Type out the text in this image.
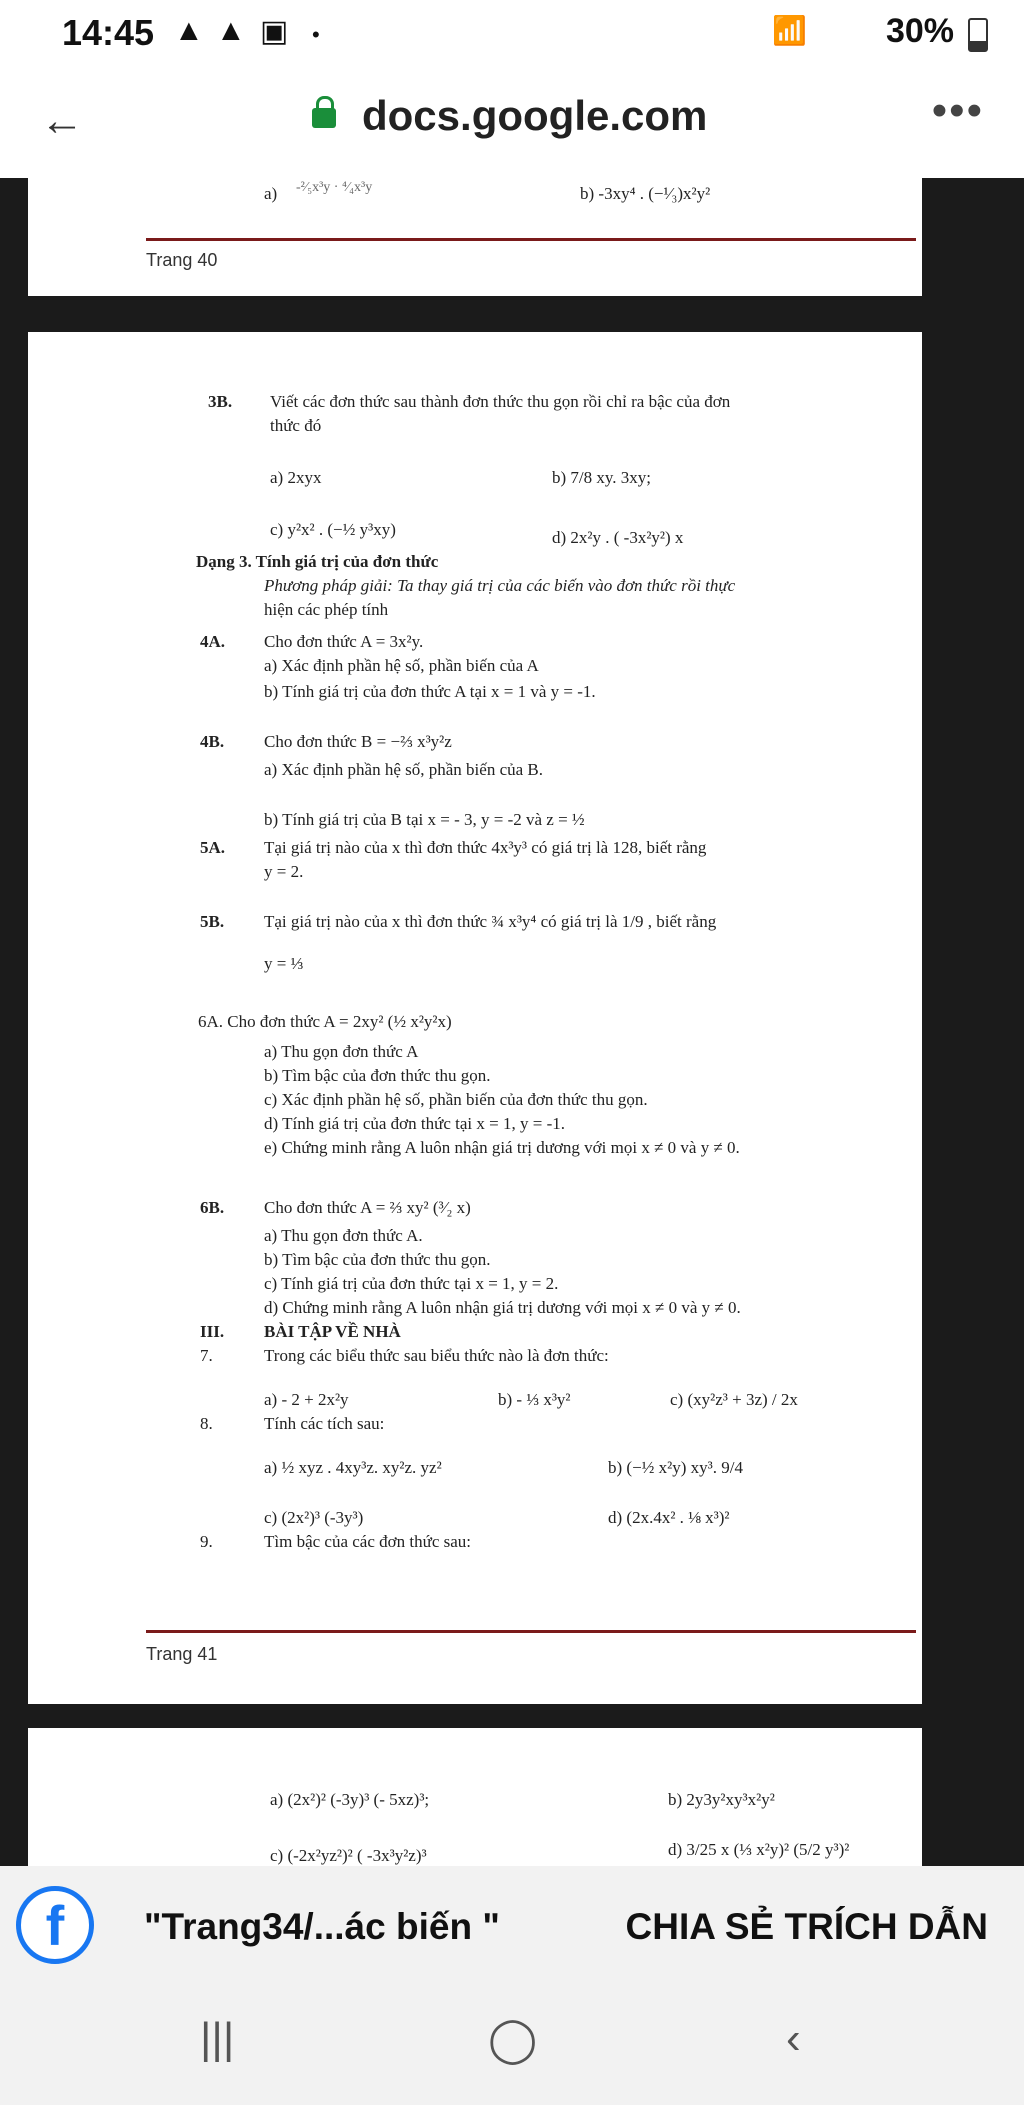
14:45 ▲ ▲ ▣ •	📶 30%
←	docs.google.com	•••
a) -²⁄₅x³y · ⁴⁄₄x³y	b) -3xy⁴ . (−¹⁄₃)x²y²
Trang 40
3B. Viết các đơn thức sau thành đơn thức thu gọn rồi chỉ ra bậc của đơn
thức đó
a) 2xyx	b) 7/8 xy. 3xy;
c) y²x² . (−½ y³xy)	d) 2x²y . ( -3x²y²) x
Dạng 3. Tính giá trị của đơn thức
Phương pháp giải: Ta thay giá trị của các biến vào đơn thức rồi thực
hiện các phép tính
4A. Cho đơn thức A = 3x²y.
a) Xác định phần hệ số, phần biến của A
b) Tính giá trị của đơn thức A tại x = 1 và y = -1.
4B. Cho đơn thức B = −⅔ x³y²z
a) Xác định phần hệ số, phần biến của B.
b) Tính giá trị của B tại x = - 3, y = -2 và z = ½
5A. Tại giá trị nào của x thì đơn thức 4x³y³ có giá trị là 128, biết rằng
y = 2.
5B. Tại giá trị nào của x thì đơn thức ¾ x³y⁴ có giá trị là 1/9 , biết rằng
y = ⅓
6A. Cho đơn thức A = 2xy² (½ x²y²x)
a) Thu gọn đơn thức A
b) Tìm bậc của đơn thức thu gọn.
c) Xác định phần hệ số, phần biến của đơn thức thu gọn.
d) Tính giá trị của đơn thức tại x = 1, y = -1.
e) Chứng minh rằng A luôn nhận giá trị dương với mọi x ≠ 0 và y ≠ 0.
6B. Cho đơn thức A = ⅔ xy² (³⁄₂ x)
a) Thu gọn đơn thức A.
b) Tìm bậc của đơn thức thu gọn.
c) Tính giá trị của đơn thức tại x = 1, y = 2.
d) Chứng minh rằng A luôn nhận giá trị dương với mọi x ≠ 0 và y ≠ 0.
III. BÀI TẬP VỀ NHÀ
7.	Trong các biểu thức sau biểu thức nào là đơn thức:
a) - 2 + 2x²y	b) - ⅓ x³y²	c) (xy²z³ + 3z) / 2x
8.	Tính các tích sau:
a) ½ xyz . 4xy³z. xy²z. yz²	b) (−½ x²y) xy³. 9/4
c) (2x²)³ (-3y³)	d) (2x.4x² . ⅛ x³)²
9.	Tìm bậc của các đơn thức sau:
Trang 41
a) (2x²)² (-3y)³ (- 5xz)³;	b) 2y3y²xy³x²y²
c) (-2x²yz²)² ( -3x³y²z)³	d) 3/25 x (⅓ x²y)² (5/2 y³)²
f	"Trang34/...ác biến "	CHIA SẺ TRÍCH DẪN
|||	◯	‹
